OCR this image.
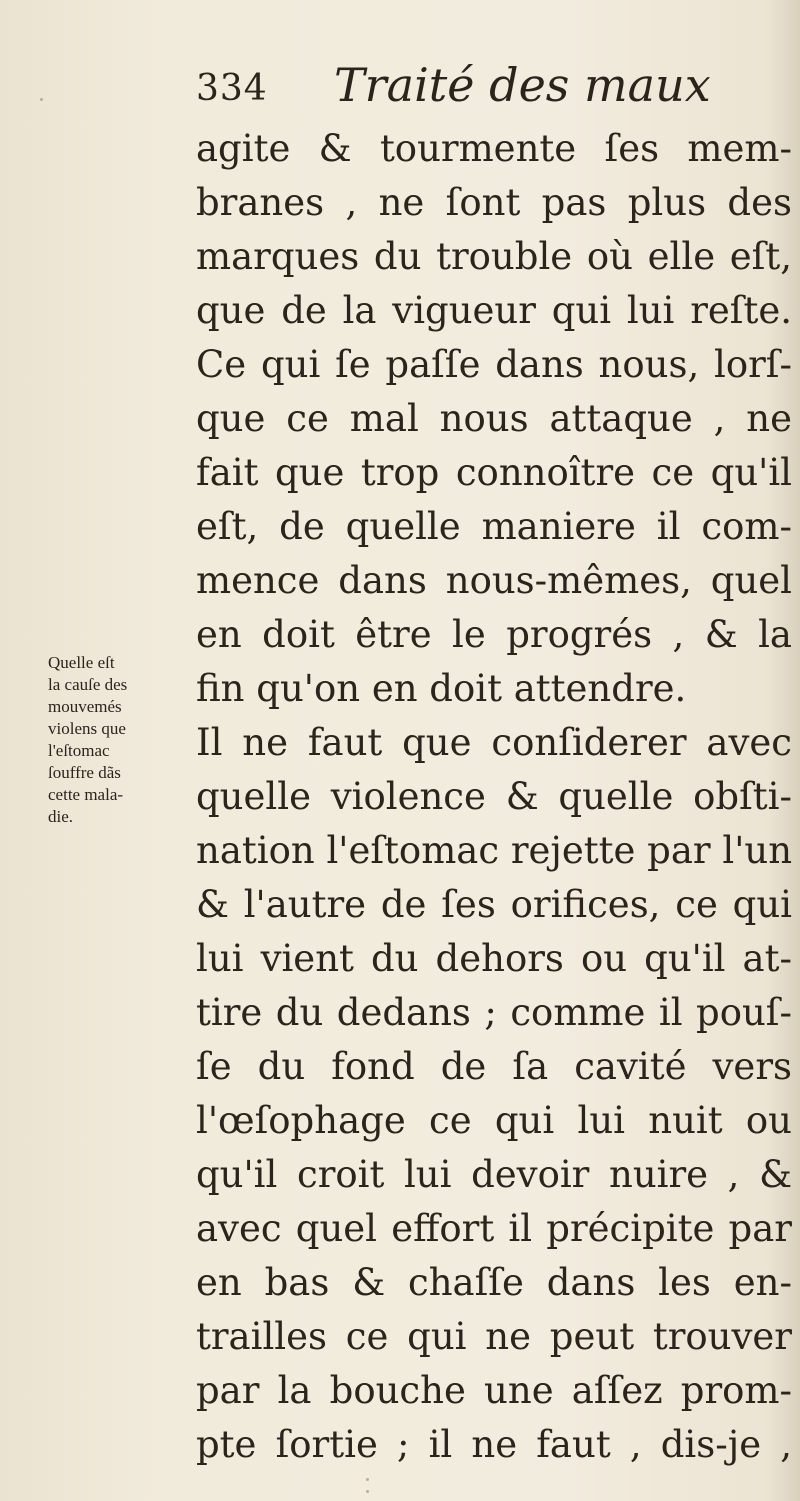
334 Traité des maux
Quelle eſt
la cauſe des
mouvemés
violens que
l'eſtomac
ſouffre dãs
cette mala-
die.
agite & tourmente ſes mem-
branes , ne ſont pas plus des
marques du trouble où elle eſt,
que de la vigueur qui lui reſte.
Ce qui ſe paſſe dans nous, lorſ-
que ce mal nous attaque , ne
fait que trop connoître ce qu'il
eſt, de quelle maniere il com-
mence dans nous-mêmes, quel
en doit être le progrés , & la
fin qu'on en doit attendre.
Il ne faut que conſiderer avec
quelle violence & quelle obſti-
nation l'eſtomac rejette par l'un
& l'autre de ſes orifices, ce qui
lui vient du dehors ou qu'il at-
tire du dedans ; comme il pouſ-
ſe du fond de ſa cavité vers
l'œſophage ce qui lui nuit ou
qu'il croit lui devoir nuire , &
avec quel effort il précipite par
en bas & chaſſe dans les en-
trailles ce qui ne peut trouver
par la bouche une aſſez prom-
pte ſortie ; il ne faut , dis-je ,
